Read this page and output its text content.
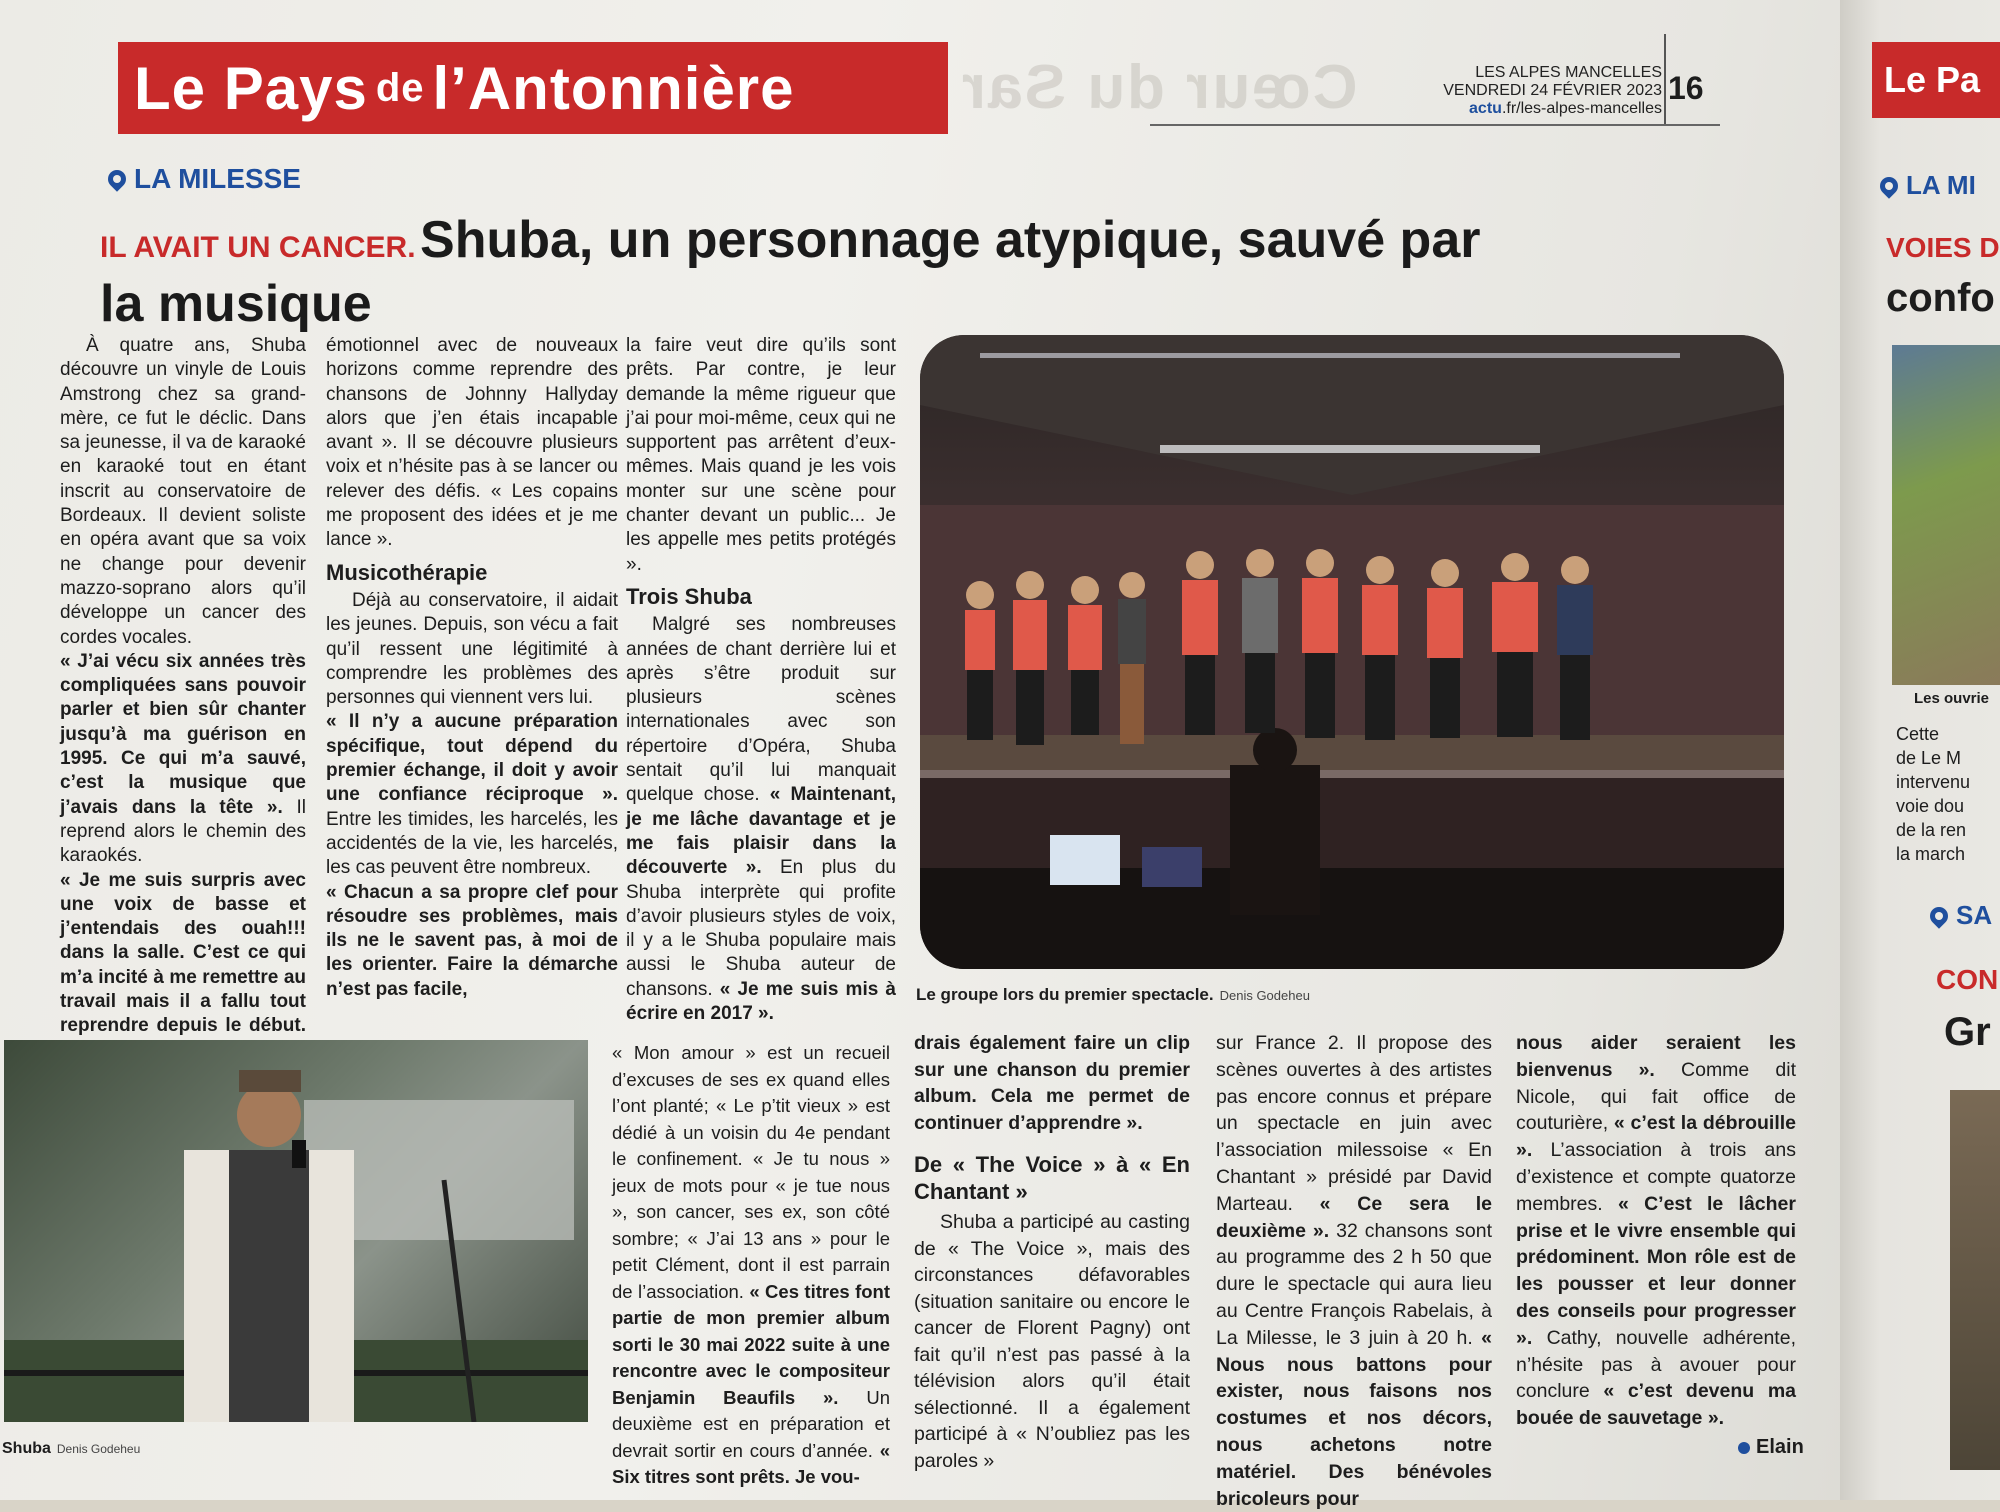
Le Pays de l’Antonnière	Cœur du Sar	LES ALPES MANCELLES
VENDREDI 24 FÉVRIER 2023
actu.fr/les-alpes-mancelles
16
LA MILESSE
IL AVAIT UN CANCER. Shuba, un personnage atypique, sauvé par
la musique

À quatre ans, Shuba découvre un vinyle de Louis Amstrong chez sa grand-mère, ce fut le déclic. Dans sa jeunesse, il va de karaoké en karaoké tout en étant inscrit au conservatoire de Bordeaux. Il devient soliste en opéra avant que sa voix ne change pour devenir mazzo-soprano alors qu’il développe un cancer des cordes vocales.

« J’ai vécu six années très compliquées sans pouvoir parler et bien sûr chanter jusqu’à ma guérison en 1995. Ce qui m’a sauvé, c’est la musique que j’avais dans la tête ». Il reprend alors le chemin des karaokés.

« Je me suis surpris avec une voix de basse et j’entendais des ouah!!! dans la salle. C’est ce qui m’a incité à me remettre au travail mais il a fallu tout reprendre depuis le début.

émotionnel avec de nouveaux horizons comme reprendre des chansons de Johnny Hallyday alors que j’en étais incapable avant ». Il se découvre plusieurs voix et n’hésite pas à se lancer ou relever des défis. « Les copains me proposent des idées et je me lance ».

Musicothérapie

Déjà au conservatoire, il aidait les jeunes. Depuis, son vécu a fait qu’il ressent une légitimité à comprendre les problèmes des personnes qui viennent vers lui.

« Il n’y a aucune préparation spécifique, tout dépend du premier échange, il doit y avoir une confiance réciproque ». Entre les timides, les harcelés, les accidentés de la vie, les harcelés, les cas peuvent être nombreux.

« Chacun a sa propre clef pour résoudre ses problèmes, mais ils ne le savent pas, à moi de les orienter. Faire la démarche n’est pas facile,

la faire veut dire qu’ils sont prêts. Par contre, je leur demande la même rigueur que j’ai pour moi-même, ceux qui ne supportent pas arrêtent d’eux-mêmes. Mais quand je les vois monter sur une scène pour chanter devant un public... Je les appelle mes petits protégés ».

Trois Shuba

Malgré ses nombreuses années de chant derrière lui et après s’être produit sur plusieurs scènes internationales avec son répertoire d’Opéra, Shuba sentait qu’il lui manquait quelque chose. « Maintenant, je me lâche davantage et je me fais plaisir dans la découverte ». En plus du Shuba interprète qui profite d’avoir plusieurs styles de voix, il y a le Shuba populaire mais aussi le Shuba auteur de chansons. « Je me suis mis à écrire en 2017 ».

« Mon amour » est un recueil d’excuses de ses ex quand elles l’ont planté; « Le p’tit vieux » est dédié à un voisin du 4e pendant le confinement. « Je tu nous » jeux de mots pour « je tue nous », son cancer, ses ex, son côté sombre; « J’ai 13 ans » pour le petit Clément, dont il est parrain de l’association. « Ces titres font partie de mon premier album sorti le 30 mai 2022 suite à une rencontre avec le compositeur Benjamin Beaufils ». Un deuxième est en préparation et devrait sortir en cours d’année. « Six titres sont prêts. Je vou-

Le groupe lors du premier spectacle. Denis Godeheu
Shuba Denis Godeheu

drais également faire un clip sur une chanson du premier album. Cela me permet de continuer d’apprendre ».

De « The Voice » à « En Chantant »

Shuba a participé au casting de « The Voice », mais des circonstances défavorables (situation sanitaire ou encore le cancer de Florent Pagny) ont fait qu’il n’est pas passé à la télévision alors qu’il était sélectionné. Il a également participé à « N’oubliez pas les paroles »

sur France 2. Il propose des scènes ouvertes à des artistes pas encore connus et prépare un spectacle en juin avec l’association milessoise « En Chantant » présidé par David Marteau. « Ce sera le deuxième ». 32 chansons sont au programme des 2 h 50 que dure le spectacle qui aura lieu au Centre François Rabelais, à La Milesse, le 3 juin à 20 h. « Nous nous battons pour exister, nous faisons nos costumes et nos décors, nous achetons notre matériel. Des bénévoles bricoleurs pour

nous aider seraient les bienvenus ». Comme dit Nicole, qui fait office de couturière, « c’est la débrouille ». L’association à trois ans d’existence et compte quatorze membres. « C’est le lâcher prise et le vivre ensemble qui prédominent. Mon rôle est de les pousser et leur donner des conseils pour progresser ». Cathy, nouvelle adhérente, n’hésite pas à avouer pour conclure « c’est devenu ma bouée de sauvetage ».

Elain
Le Pa
LA MI
VOIES D
confo
Les ouvrie
Cette
de Le M
intervenu
voie dou
de la ren
la march
SA
CON
Gr
